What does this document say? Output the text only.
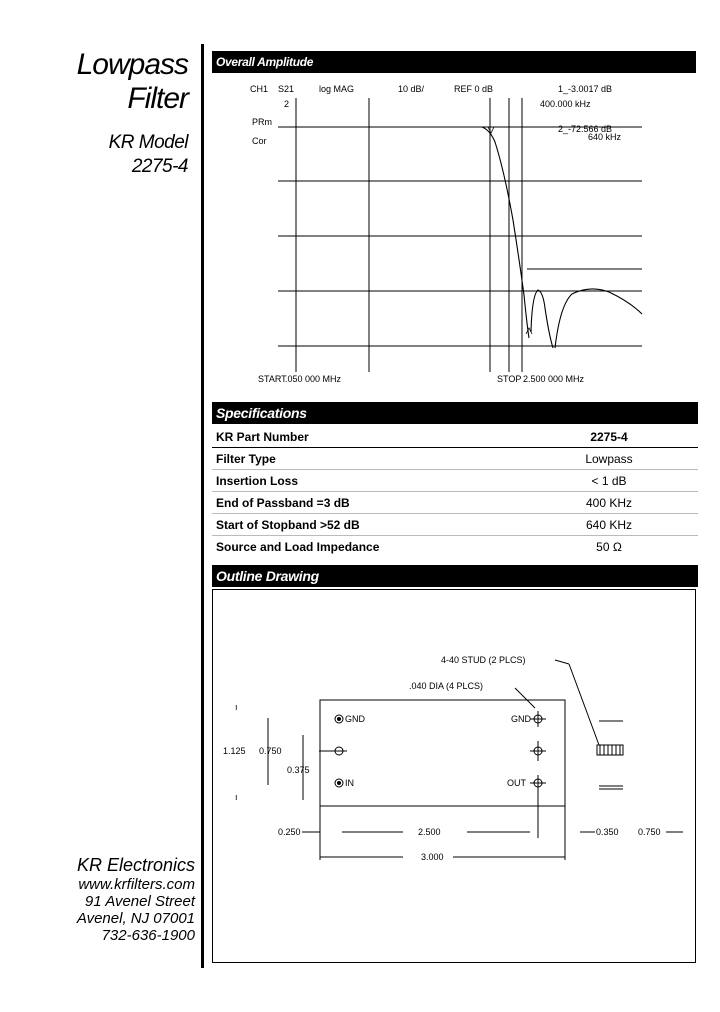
Lowpass
Filter
KR Model
2275-4
KR Electronics
www.krfilters.com
91 Avenel Street
Avenel, NJ 07001
732-636-1900
Overall Amplitude
CH1 S21	log MAG	10 dB/	REF 0 dB	1_-3.0017 dB
400.000 kHz
2_-72.566 dB
640 kHz
2
PRm
Cor
START
.050 000 MHz	STOP 2.500 000 MHz
Specifications
KR Part Number	2275-4
Filter Type	Lowpass
Insertion Loss	< 1 dB
End of Passband =3 dB	400 KHz
Start of Stopband >52 dB	640 KHz
Source and Load Impedance	50 Ω
Outline Drawing
ı
ı
4-40 STUD (2 PLCS)
.040 DIA (4 PLCS)
GND
IN
GND
OUT
1.125 0.750
0.375
0.250	2.500
3.000
0.350 0.750
